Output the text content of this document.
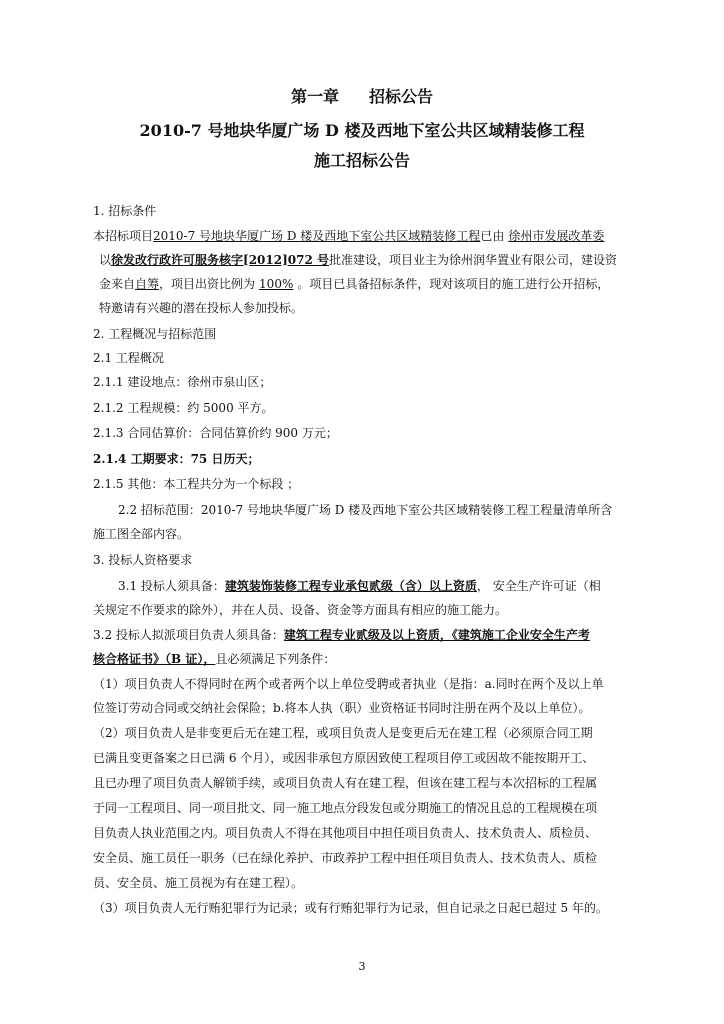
第一章 招标公告
2010-7 号地块华厦广场 D 楼及西地下室公共区域精装修工程
施工招标公告
1. 招标条件
本招标项目2010-7 号地块华厦广场 D 楼及西地下室公共区域精装修工程已由 徐州市发展改革委
以徐发改行政许可服务核字[2012]072 号批准建设，项目业主为徐州润华置业有限公司，建设资
金来自自筹，项目出资比例为 100% 。项目已具备招标条件，现对该项目的施工进行公开招标，
特邀请有兴趣的潜在投标人参加投标。
2. 工程概况与招标范围
2.1 工程概况
2.1.1 建设地点：徐州市泉山区；
2.1.2 工程规模：约 5000 平方。
2.1.3 合同估算价：合同估算价约 900 万元；
2.1.4 工期要求：75 日历天；
2.1.5 其他：本工程共分为一个标段 ；
2.2 招标范围：2010-7 号地块华厦广场 D 楼及西地下室公共区域精装修工程工程量清单所含
施工图全部内容。
3. 投标人资格要求
3.1 投标人须具备：建筑装饰装修工程专业承包贰级（含）以上资质， 安全生产许可证（相
关规定不作要求的除外），并在人员、设备、资金等方面具有相应的施工能力。
3.2 投标人拟派项目负责人须具备：建筑工程专业贰级及以上资质，《建筑施工企业安全生产考
核合格证书》（B 证），且必须满足下列条件：
（1）项目负责人不得同时在两个或者两个以上单位受聘或者执业（是指：a.同时在两个及以上单
位签订劳动合同或交纳社会保险；b.将本人执（职）业资格证书同时注册在两个及以上单位）。
（2）项目负责人是非变更后无在建工程，或项目负责人是变更后无在建工程（必须原合同工期
已满且变更备案之日已满 6 个月），或因非承包方原因致使工程项目停工或因故不能按期开工、
且已办理了项目负责人解锁手续，或项目负责人有在建工程，但该在建工程与本次招标的工程属
于同一工程项目、同一项目批文、同一施工地点分段发包或分期施工的情况且总的工程规模在项
目负责人执业范围之内。项目负责人不得在其他项目中担任项目负责人、技术负责人、质检员、
安全员、施工员任一职务（已在绿化养护、市政养护工程中担任项目负责人、技术负责人、质检
员、安全员、施工员视为有在建工程）。
（3）项目负责人无行贿犯罪行为记录；或有行贿犯罪行为记录，但自记录之日起已超过 5 年的。
3
